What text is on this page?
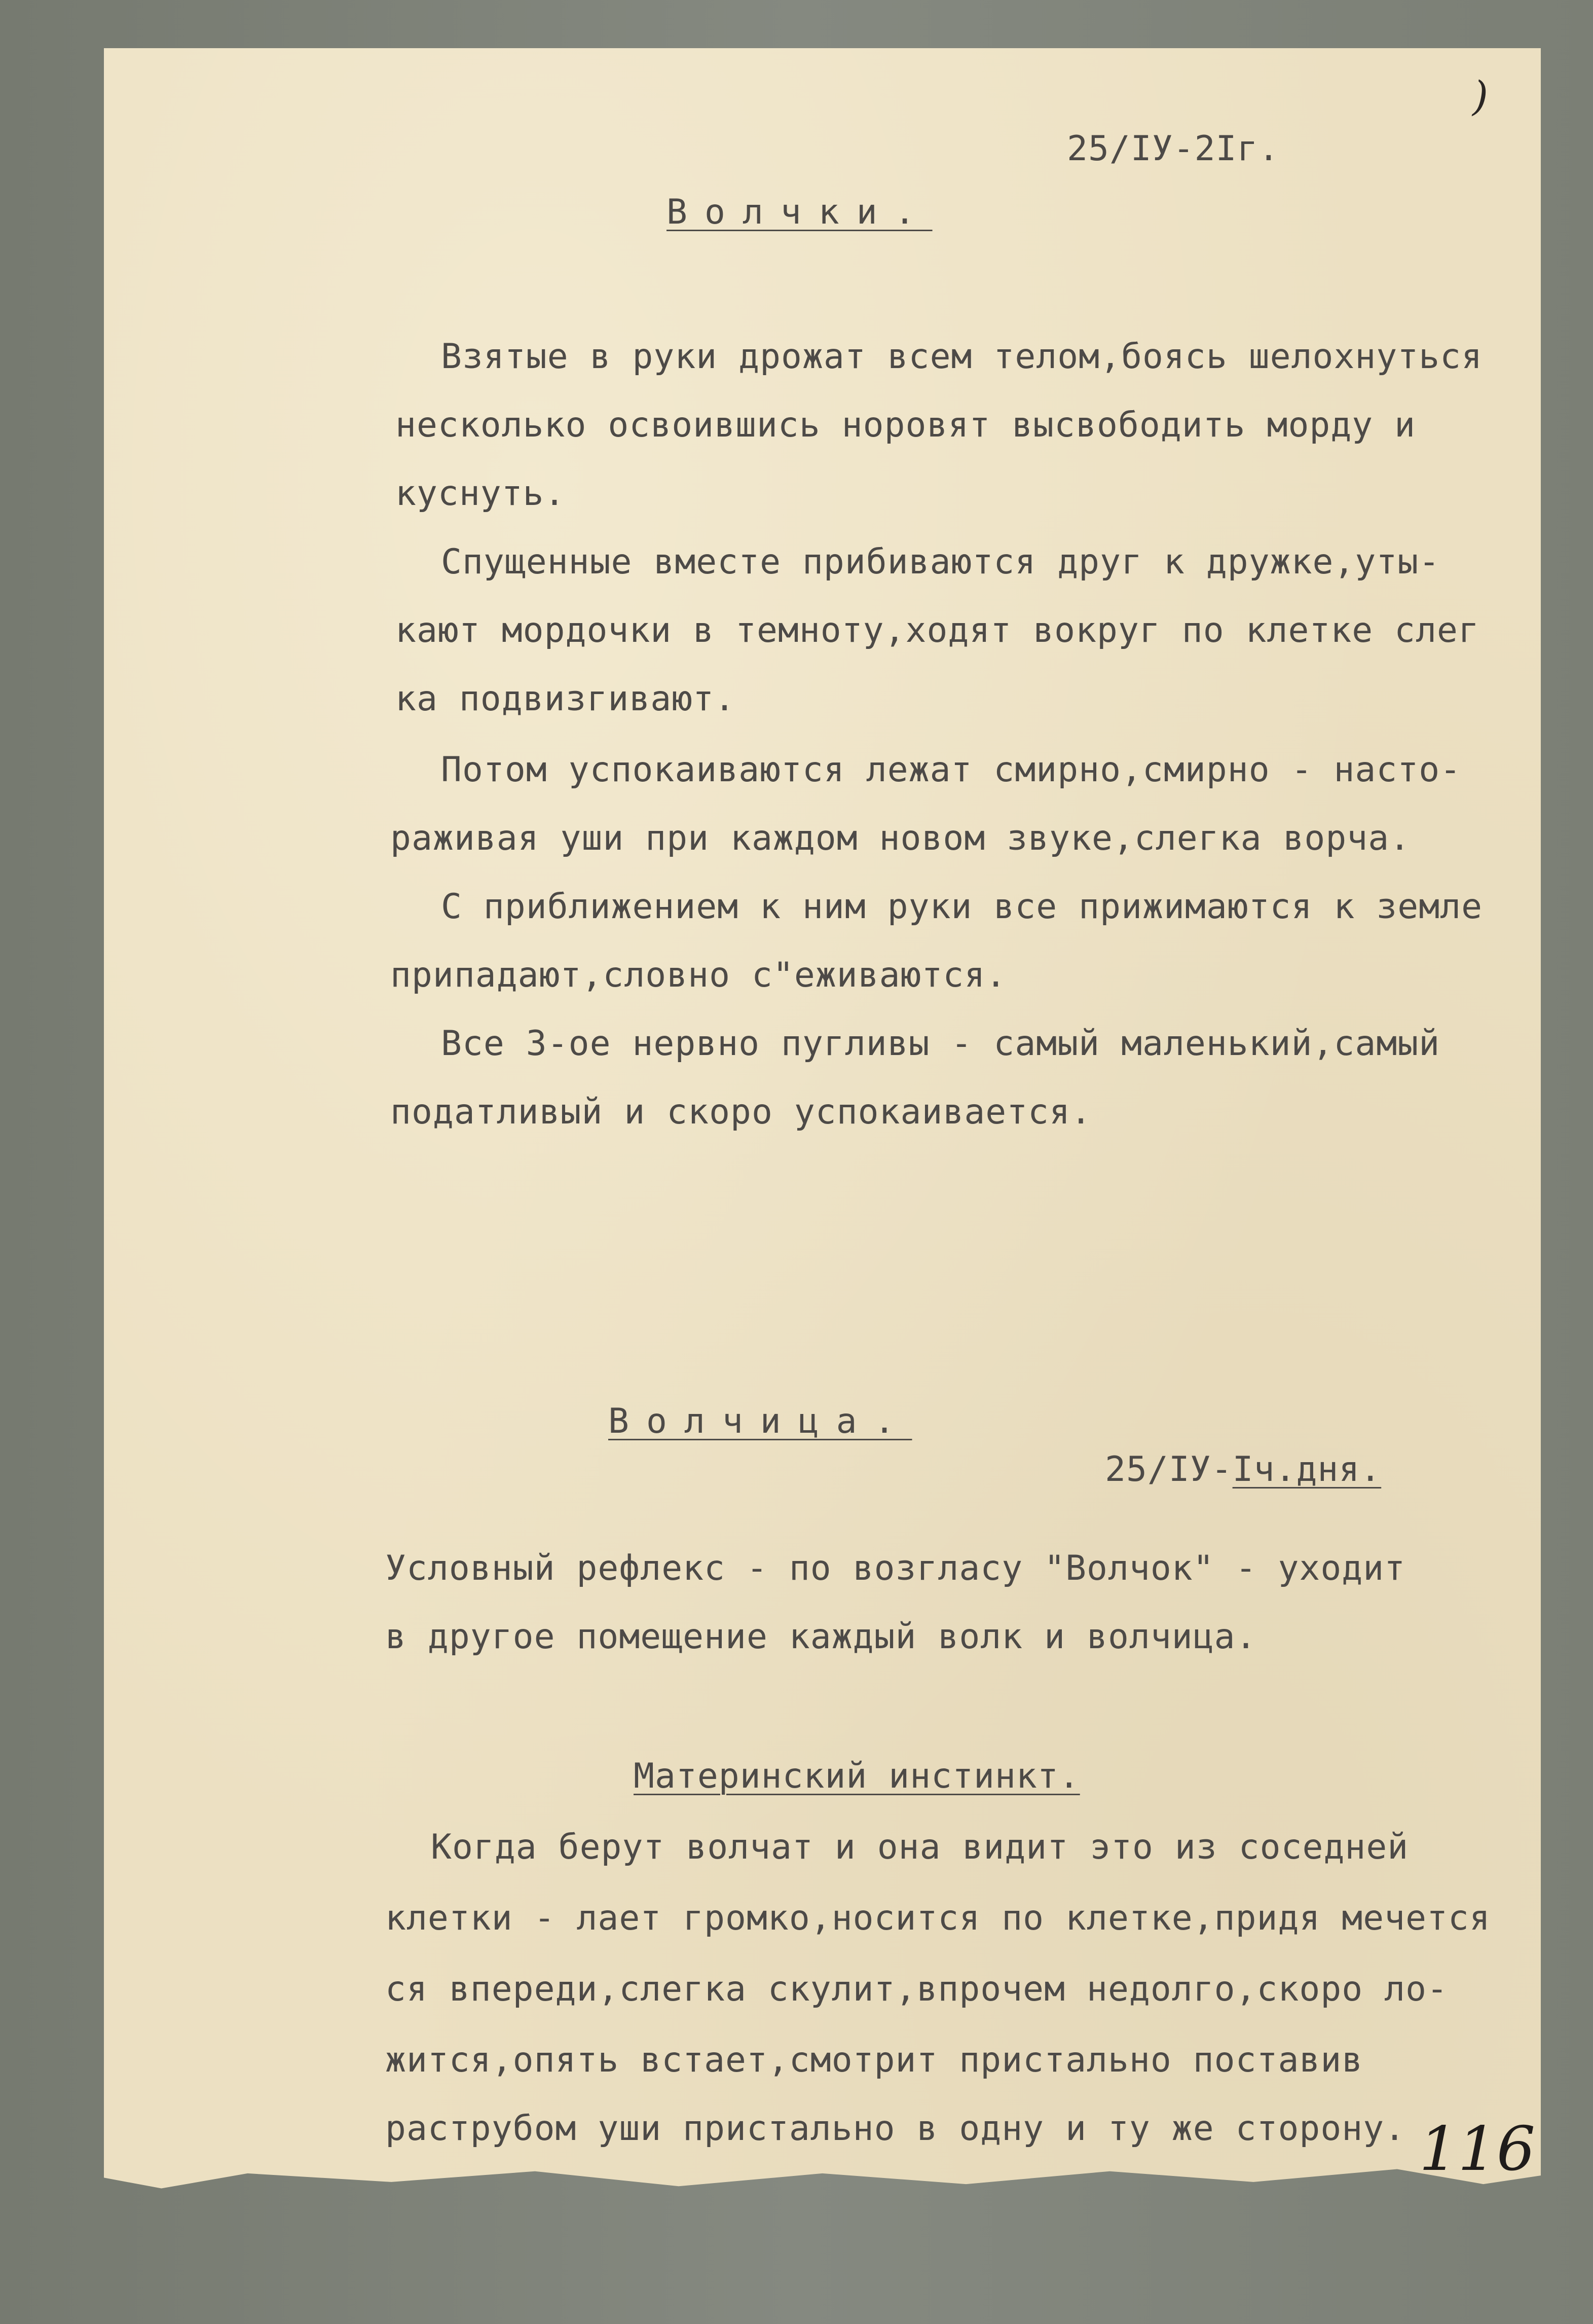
)
25/IУ-2Iг.
Волчки.
Взятые в руки дрожат всем телом,боясь шелохнуться
несколько освоившись норовят высвободить морду и
куснуть.
Спущенные вместе прибиваются друг к дружке,уты-
кают мордочки в темноту,ходят вокруг по клетке слег
ка подвизгивают.
Потом успокаиваются лежат смирно,смирно - насто-
раживая уши при каждом новом звуке,слегка ворча.
С приближением к ним руки все прижимаются к земле
припадают,словно с"еживаются.
Все 3-ое нервно пугливы - самый маленький,самый
податливый и скоро успокаивается.
Волчица.
25/IУ-Iч.дня.
Условный рефлекс - по возгласу "Волчок" - уходит
в другое помещение каждый волк и волчица.
Материнский инстинкт.
Когда берут волчат и она видит это из соседней
клетки - лает громко,носится по клетке,придя мечется
ся впереди,слегка скулит,впрочем недолго,скоро ло-
жится,опять встает,смотрит пристально поставив
раструбом уши пристально в одну и ту же сторону. 116
